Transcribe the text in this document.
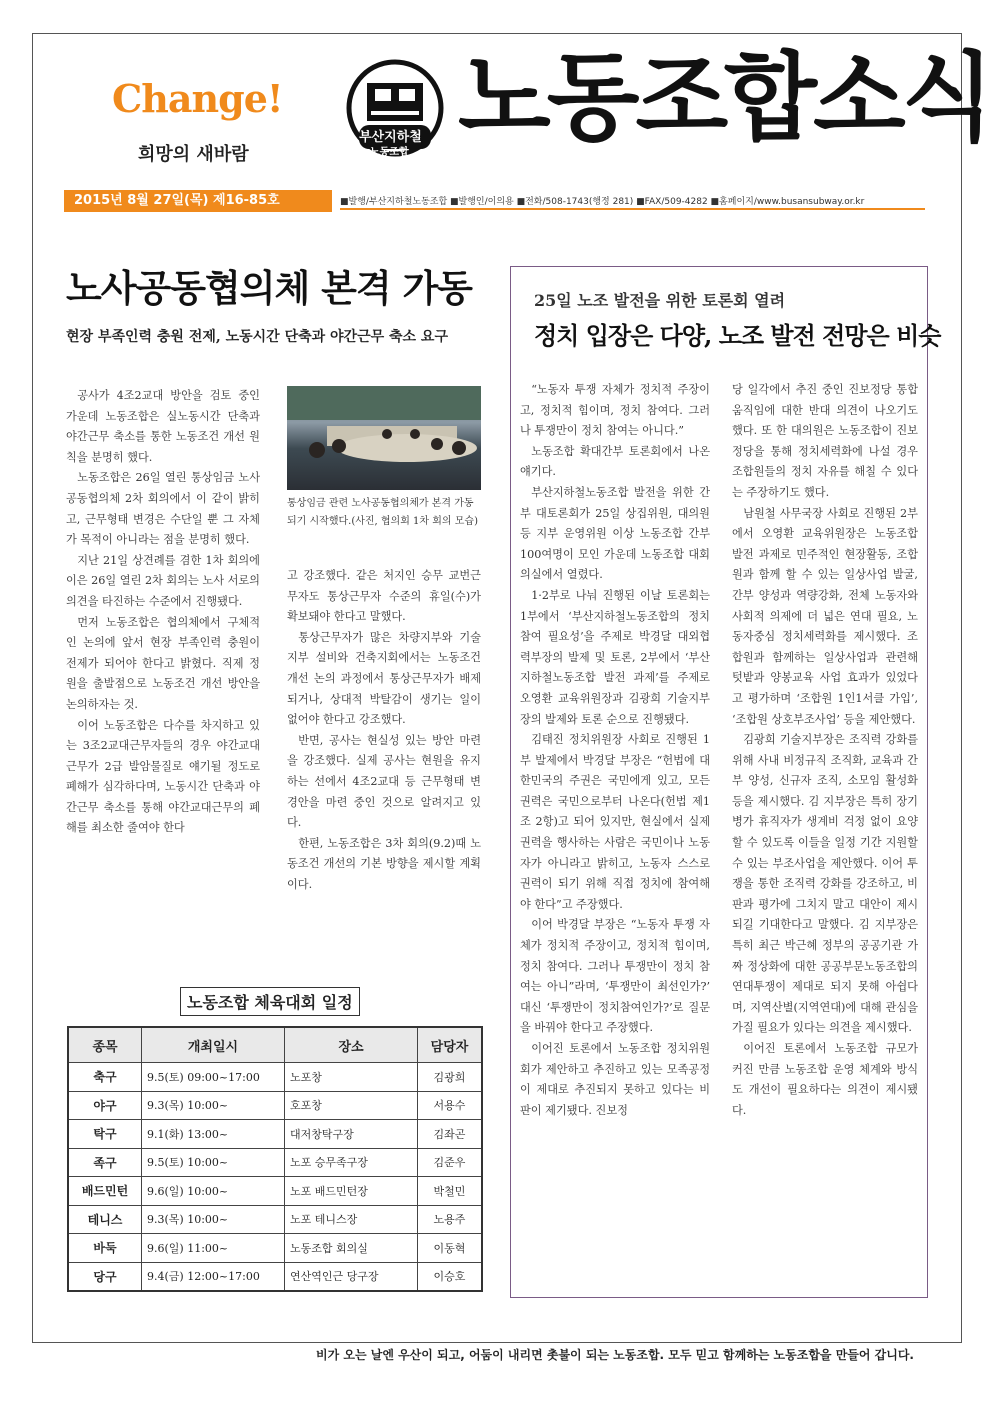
Change!
희망의 새바람
부산지하철
노동조합 노동조합소식
2015년 8월 27일(목) 제16-85호	■발행/부산지하철노동조합 ■발행인/이의용 ■전화/508-1743(행정 281) ■FAX/509-4282 ■홈페이지/www.busansubway.or.kr
노사공동협의체 본격 가동
현장 부족인력 충원 전제, 노동시간 단축과 야간근무 축소 요구

공사가 4조2교대 방안을 검토 중인 가운데 노동조합은 실노동시간 단축과 야간근무 축소를 통한 노동조건 개선 원칙을 분명히 했다.

노동조합은 26일 열린 통상임금 노사공동협의체 2차 회의에서 이 같이 밝히고, 근무형태 변경은 수단일 뿐 그 자체가 목적이 아니라는 점을 분명히 했다.

지난 21일 상견례를 겸한 1차 회의에 이은 26일 열린 2차 회의는 노사 서로의 의견을 타진하는 수준에서 진행됐다.

먼저 노동조합은 협의체에서 구체적인 논의에 앞서 현장 부족인력 충원이 전제가 되어야 한다고 밝혔다. 직제 정원을 출발점으로 노동조건 개선 방안을 논의하자는 것.

이어 노동조합은 다수를 차지하고 있는 3조2교대근무자들의 경우 야간교대근무가 2급 발암물질로 얘기될 정도로 폐해가 심각하다며, 노동시간 단축과 야간근무 축소를 통해 야간교대근무의 폐해를 최소한 줄여야 한다

통상임금 관련 노사공동협의체가 본격 가동되기 시작했다.(사진, 협의회 1차 회의 모습)

고 강조했다. 같은 처지인 승무 교번근무자도 통상근무자 수준의 휴일(수)가 확보돼야 한다고 말했다.

통상근무자가 많은 차량지부와 기술지부 설비와 건축지회에서는 노동조건 개선 논의 과정에서 통상근무자가 배제되거나, 상대적 박탈감이 생기는 일이 없어야 한다고 강조했다.

반면, 공사는 현실성 있는 방안 마련을 강조했다. 실제 공사는 현원을 유지하는 선에서 4조2교대 등 근무형태 변경안을 마련 중인 것으로 알려지고 있다.

한편, 노동조합은 3차 회의(9.2)때 노동조건 개선의 기본 방향을 제시할 계획이다.

25일 노조 발전을 위한 토론회 열려
정치 입장은 다양, 노조 발전 전망은 비슷

“노동자 투쟁 자체가 정치적 주장이고, 정치적 힘이며, 정치 참여다. 그러나 투쟁만이 정치 참여는 아니다.”

노동조합 확대간부 토론회에서 나온 얘기다.

부산지하철노동조합 발전을 위한 간부 대토론회가 25일 상집위원, 대의원 등 지부 운영위원 이상 노동조합 간부 100여명이 모인 가운데 노동조합 대회의실에서 열렸다.

1·2부로 나눠 진행된 이날 토론회는 1부에서 ‘부산지하철노동조합의 정치 참여 필요성’을 주제로 박경달 대외협력부장의 발제 및 토론, 2부에서 ‘부산지하철노동조합 발전 과제’를 주제로 오영환 교육위원장과 김광희 기술지부장의 발제와 토론 순으로 진행됐다.

김태진 정치위원장 사회로 진행된 1부 발제에서 박경달 부장은 “헌법에 대한민국의 주권은 국민에게 있고, 모든 권력은 국민으로부터 나온다(헌법 제1조 2항)고 되어 있지만, 현실에서 실제 권력을 행사하는 사람은 국민이나 노동자가 아니라고 밝히고, 노동자 스스로 권력이 되기 위해 직접 정치에 참여해야 한다”고 주장했다.

이어 박경달 부장은 “노동자 투쟁 자체가 정치적 주장이고, 정치적 힘이며, 정치 참여다. 그러나 투쟁만이 정치 참여는 아니”라며, ‘투쟁만이 최선인가?’ 대신 ‘투쟁만이 정치참여인가?’로 질문을 바꿔야 한다고 주장했다.

이어진 토론에서 노동조합 정치위원회가 제안하고 추진하고 있는 모족공정이 제대로 추진되지 못하고 있다는 비판이 제기됐다. 진보정

당 일각에서 추진 중인 진보정당 통합 움직임에 대한 반대 의견이 나오기도 했다. 또 한 대의원은 노동조합이 진보정당을 통해 정치세력화에 나설 경우 조합원들의 정치 자유를 해칠 수 있다는 주장하기도 했다.

남원철 사무국장 사회로 진행된 2부에서 오영환 교육위원장은 노동조합 발전 과제로 민주적인 현장활동, 조합원과 함께 할 수 있는 일상사업 발굴, 간부 양성과 역량강화, 전체 노동자와 사회적 의제에 더 넓은 연대 필요, 노동자중심 정치세력화를 제시했다. 조합원과 함께하는 일상사업과 관련해 텃밭과 양봉교육 사업 효과가 있었다고 평가하며 ‘조합원 1인1서클 가입’, ‘조합원 상호부조사업’ 등을 제안했다.

김광희 기술지부장은 조직력 강화를 위해 사내 비정규직 조직화, 교육과 간부 양성, 신규자 조직, 소모임 활성화 등을 제시했다. 김 지부장은 특히 장기병가 휴직자가 생계비 걱정 없이 요양할 수 있도록 이들을 일정 기간 지원할 수 있는 부조사업을 제안했다. 이어 투쟁을 통한 조직력 강화를 강조하고, 비판과 평가에 그치지 말고 대안이 제시되길 기대한다고 말했다. 김 지부장은 특히 최근 박근혜 정부의 공공기관 가짜 정상화에 대한 공공부문노동조합의 연대투쟁이 제대로 되지 못해 아쉽다며, 지역산별(지역연대)에 대해 관심을 가질 필요가 있다는 의견을 제시했다.

이어진 토론에서 노동조합 규모가 커진 만큼 노동조합 운영 체계와 방식도 개선이 필요하다는 의견이 제시됐다.

노동조합 체육대회 일정
종목	개최일시	장소	담당자
축구	9.5(토) 09:00~17:00	노포창	김광희
야구	9.3(목) 10:00~	호포창	서용수
탁구	9.1(화) 13:00~	대저창탁구장	김좌곤
족구	9.5(토) 10:00~	노포 승무족구장	김준우
배드민턴	9.6(일) 10:00~	노포 배드민턴장	박철민
테니스	9.3(목) 10:00~	노포 테니스장	노용주
바둑	9.6(일) 11:00~	노동조합 회의실	이동혁
당구	9.4(금) 12:00~17:00	연산역인근 당구장	이승호
비가 오는 날엔 우산이 되고, 어둠이 내리면 촛불이 되는 노동조합. 모두 믿고 함께하는 노동조합을 만들어 갑니다.
